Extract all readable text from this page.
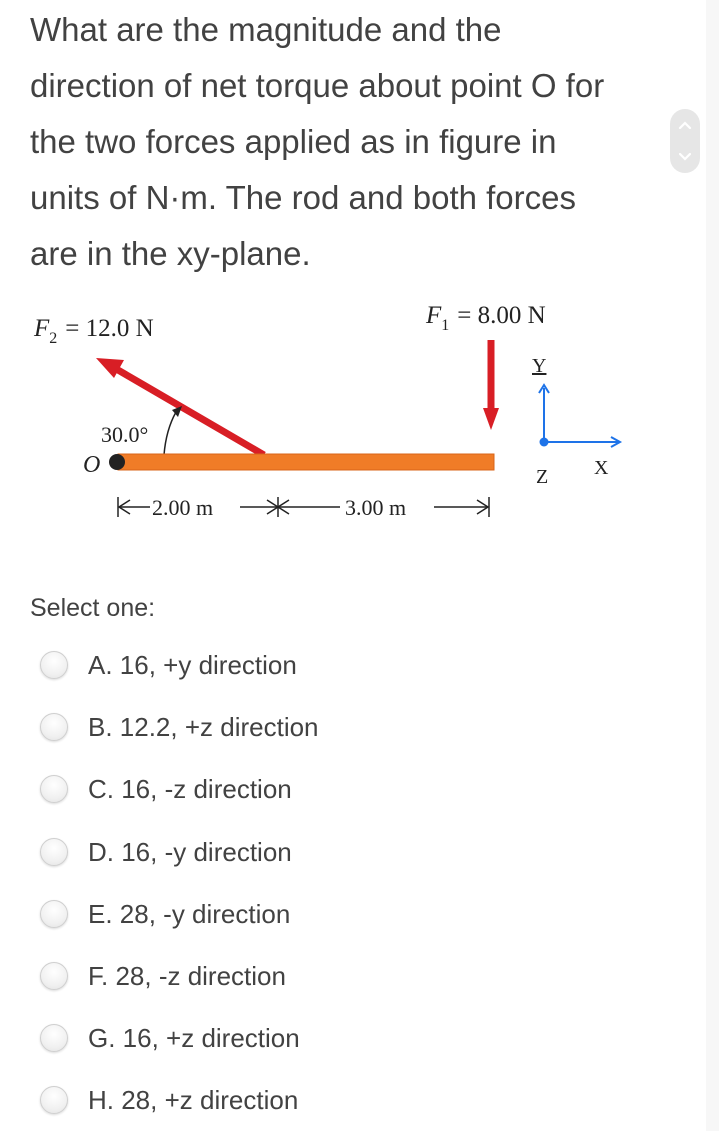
What are the magnitude and the
direction of net torque about point O for
the two forces applied as in figure in
units of N·m. The rod and both forces
are in the xy-plane.
$F_2 = 12.0$ N	$F_1 = 8.00$ N
30.0°
O
2.00 m	3.00 m
Y
Z X
Select one:
A. 16, +y direction
B. 12.2, +z direction
C. 16, -z direction
D. 16, -y direction
E. 28, -y direction
F. 28, -z direction
G. 16, +z direction
H. 28, +z direction
